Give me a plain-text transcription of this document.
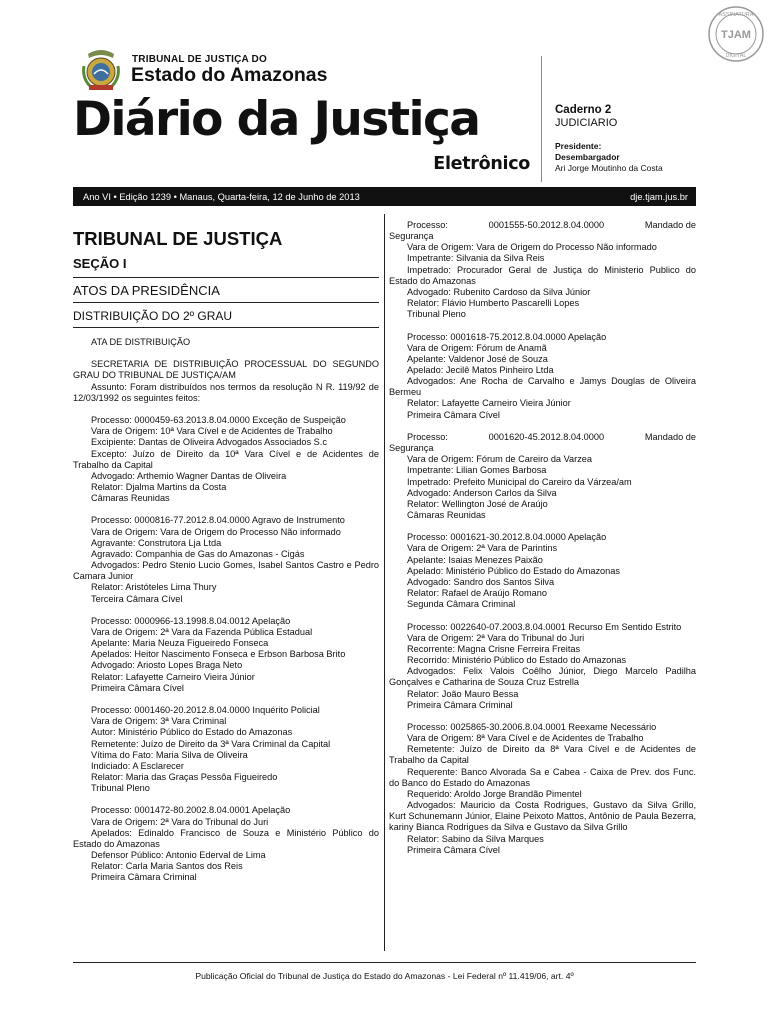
TRIBUNAL DE JUSTIÇA DO
Estado do Amazonas
Diário da Justiça
Eletrônico
Caderno 2
JUDICIARIO
Presidente:
Desembargador
Ari Jorge Moutinho da Costa
ASSINATURA
TJAM
DIGITAL
Ano VI • Edição 1239 • Manaus, Quarta-feira, 12 de Junho de 2013	dje.tjam.jus.br
TRIBUNAL DE JUSTIÇA
SEÇÃO I
ATOS DA PRESIDÊNCIA
DISTRIBUIÇÃO DO 2º GRAU
ATA DE DISTRIBUIÇÃO
SECRETARIA DE DISTRIBUIÇÃO PROCESSUAL DO SEGUNDO GRAU DO TRIBUNAL DE JUSTIÇA/AM
Assunto: Foram distribuídos nos termos da resolução N R. 119/92 de 12/03/1992 os seguintes feitos:
Processo: 0000459-63.2013.8.04.0000 Exceção de Suspeição
Vara de Origem: 10ª Vara Cível e de Acidentes de Trabalho
Excipiente: Dantas de Oliveira Advogados Associados S.c
Excepto: Juízo de Direito da 10ª Vara Cível e de Acidentes de Trabalho da Capital
Advogado: Arthemio Wagner Dantas de Oliveira
Relator: Djalma Martins da Costa
Câmaras Reunidas
Processo: 0000816-77.2012.8.04.0000 Agravo de Instrumento
Vara de Origem: Vara de Origem do Processo Não informado
Agravante: Construtora Lja Ltda
Agravado: Companhia de Gas do Amazonas - Cigás
Advogados: Pedro Stenio Lucio Gomes, Isabel Santos Castro e Pedro Camara Junior
Relator: Aristóteles Lima Thury
Terceira Câmara Cível
Processo: 0000966-13.1998.8.04.0012 Apelação
Vara de Origem: 2ª Vara da Fazenda Pública Estadual
Apelante: Maria Neuza Figueiredo Fonseca
Apelados: Heitor Nascimento Fonseca e Erbson Barbosa Brito
Advogado: Ariosto Lopes Braga Neto
Relator: Lafayette Carneiro Vieira Júnior
Primeira Câmara Cível
Processo: 0001460-20.2012.8.04.0000 Inquérito Policial
Vara de Origem: 3ª Vara Criminal
Autor: Ministério Público do Estado do Amazonas
Remetente: Juízo de Direito da 3ª Vara Criminal da Capital
Vítima do Fato: Maria Silva de Oliveira
Indiciado: A Esclarecer
Relator: Maria das Graças Pessôa Figueiredo
Tribunal Pleno
Processo: 0001472-80.2002.8.04.0001 Apelação
Vara de Origem: 2ª Vara do Tribunal do Juri
Apelados: Edinaldo Francisco de Souza e Ministério Público do Estado do Amazonas
Defensor Público: Antonio Ederval de Lima
Relator: Carla Maria Santos dos Reis
Primeira Câmara Criminal
Processo:	0001555-50.2012.8.04.0000	Mandado de
Segurança
Vara de Origem: Vara de Origem do Processo Não informado
Impetrante: Silvania da Silva Reis
Impetrado: Procurador Geral de Justiça do Ministerio Publico do Estado do Amazonas
Advogado: Rubenito Cardoso da Silva Júnior
Relator: Flávio Humberto Pascarelli Lopes
Tribunal Pleno
Processo: 0001618-75.2012.8.04.0000 Apelação
Vara de Origem: Fórum de Anamã
Apelante: Valdenor José de Souza
Apelado: Jecilê Matos Pinheiro Ltda
Advogados: Ane Rocha de Carvalho e Jamys Douglas de Oliveira Bermeu
Relator: Lafayette Carneiro Vieira Júnior
Primeira Câmara Cível
Processo:	0001620-45.2012.8.04.0000	Mandado de
Segurança
Vara de Origem: Fórum de Careiro da Varzea
Impetrante: Lilian Gomes Barbosa
Impetrado: Prefeito Municipal do Careiro da Várzea/am
Advogado: Anderson Carlos da Silva
Relator: Wellington José de Araújo
Câmaras Reunidas
Processo: 0001621-30.2012.8.04.0000 Apelação
Vara de Origem: 2ª Vara de Parintins
Apelante: Isaias Menezes Paixão
Apelado: Ministério Público do Estado do Amazonas
Advogado: Sandro dos Santos Silva
Relator: Rafael de Araújo Romano
Segunda Câmara Criminal
Processo: 0022640-07.2003.8.04.0001 Recurso Em Sentido Estrito
Vara de Origem: 2ª Vara do Tribunal do Juri
Recorrente: Magna Crisne Ferreira Freitas
Recorrido: Ministério Público do Estado do Amazonas
Advogados: Felix Valois Coêlho Júnior, Diego Marcelo Padilha Gonçalves e Catharina de Souza Cruz Estrella
Relator: João Mauro Bessa
Primeira Câmara Criminal
Processo: 0025865-30.2006.8.04.0001 Reexame Necessário
Vara de Origem: 8ª Vara Cível e de Acidentes de Trabalho
Remetente: Juízo de Direito da 8ª Vara Cível e de Acidentes de Trabalho da Capital
Requerente: Banco Alvorada Sa e Cabea - Caixa de Prev. dos Func. do Banco do Estado do Amazonas
Requerido: Aroldo Jorge Brandão Pimentel
Advogados: Mauricio da Costa Rodrigues, Gustavo da Silva Grillo, Kurt Schunemann Júnior, Elaine Peixoto Mattos, Antônio de Paula Bezerra, kariny Bianca Rodrigues da Silva e Gustavo da Silva Grillo
Relator: Sabino da Silva Marques
Primeira Câmara Cível
Publicação Oficial do Tribunal de Justiça do Estado do Amazonas - Lei Federal nº 11.419/06, art. 4º
